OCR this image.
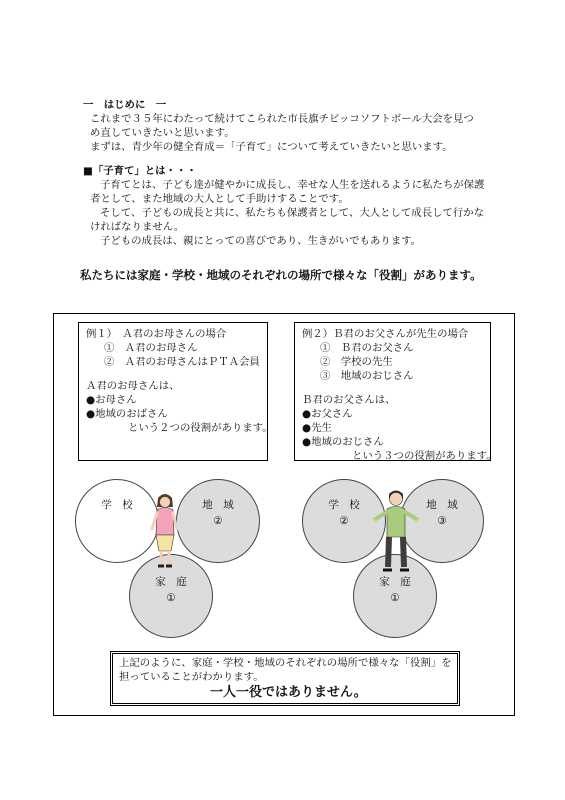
一　はじめに　一
これまで３５年にわたって続けてこられた市長旗チビッコソフトボール大会を見つ
め直していきたいと思います。
まずは、青少年の健全育成＝「子育て」について考えていきたいと思います。
■「子育て」とは・・・
子育てとは、子ども達が健やかに成長し、幸せな人生を送れるように私たちが保護
者として、また地域の大人として手助けすることです。
そして、子どもの成長と共に、私たちも保護者として、大人として成長して行かな
ければなりません。
子どもの成長は、親にとっての喜びであり、生きがいでもあります。
私たちには家庭・学校・地域のそれぞれの場所で様々な「役割」があります。
例１）　Ａ君のお母さんの場合
①　Ａ君のお母さん
②　Ａ君のお母さんはＰＴＡ会員
Ａ君のお母さんは、
●お母さん
●地域のおばさん
という２つの役割があります。
例２）Ｂ君のお父さんが先生の場合
①　Ｂ君のお父さん
②　学校の先生
③　地域のおじさん
Ｂ君のお父さんは、
●お父さん
●先生
●地域のおじさん
という３つの役割があります。
学　校	地　域
②
家　庭
①
学　校
②
地　域
③
家　庭
①
上記のように、家庭・学校・地域のそれぞれの場所で様々な「役割」を
担っていることがわかります。
一人一役ではありません。
